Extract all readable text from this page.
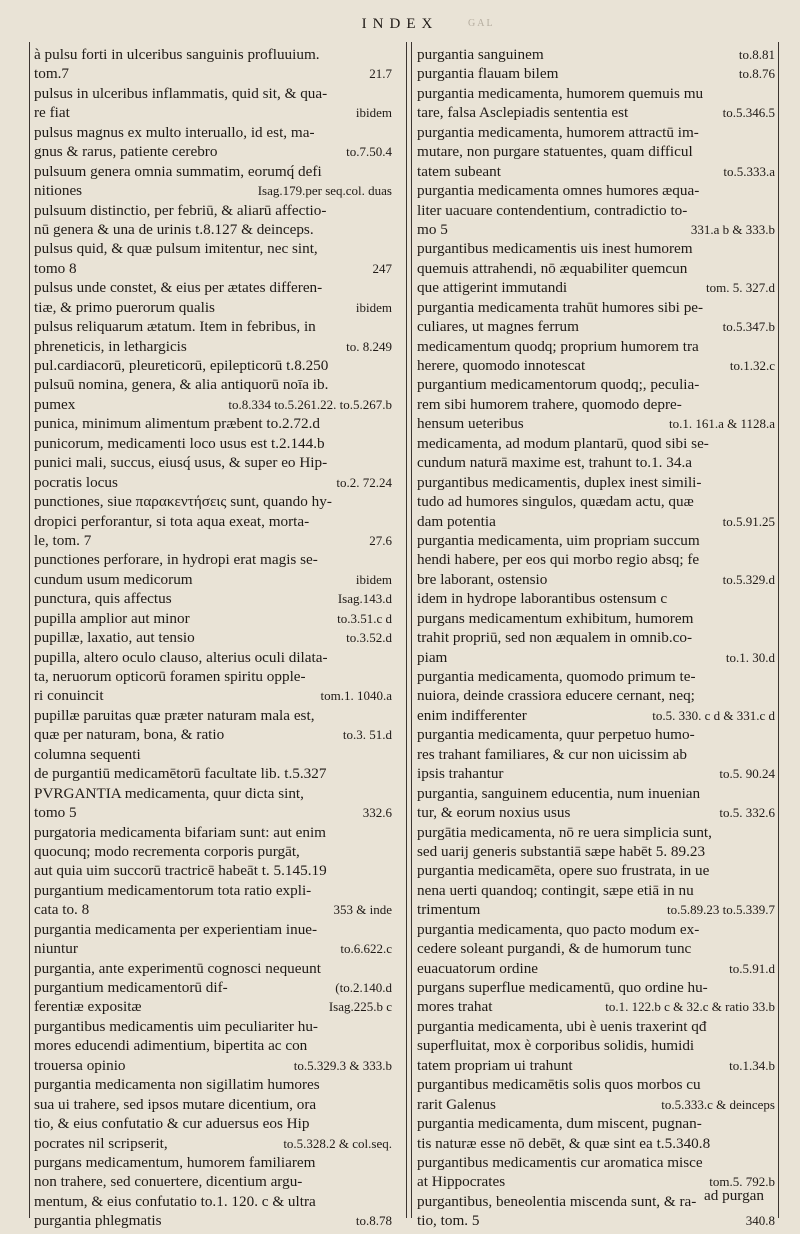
GAL
INDEX
à pulsu forti in ulceribus sanguinis profluuium.
tom.7	21.7
pulsus in ulceribus inflammatis, quid sit, & qua-
re fiat	ibidem
pulsus magnus ex multo interuallo, id est, ma-
gnus & rarus, patiente cerebro	to.7.50.4
pulsuum genera omnia summatim, eorumq́ defi
nitiones	Isag.179.per seq.col. duas
pulsuum distinctio, per febriū, & aliarū affectio-
nū genera & una de urinis t.8.127 & deinceps.
pulsus quid, & quæ pulsum imitentur, nec sint,
tomo 8	247
pulsus unde constet, & eius per ætates differen-
tiæ, & primo puerorum qualis	ibidem
pulsus reliquarum ætatum. Item in febribus, in
phreneticis, in lethargicis	to. 8.249
pul.cardiacorū, pleureticorū, epilepticorū t.8.250
pulsuū nomina, genera, & alia antiquorū noīa ib.
pumex	to.8.334 to.5.261.22. to.5.267.b
punica, minimum alimentum præbent to.2.72.d
punicorum, medicamenti loco usus est t.2.144.b
punici mali, succus, eiusq́ usus, & super eo Hip-
pocratis locus	to.2. 72.24
punctiones, siue παρακεντήσεις sunt, quando hy-
dropici perforantur, si tota aqua exeat, morta-
le, tom. 7	27.6
punctiones perforare, in hydropi erat magis se-
cundum usum medicorum	ibidem
punctura, quis affectus	Isag.143.d
pupilla amplior aut minor	to.3.51.c d
pupillæ, laxatio, aut tensio	to.3.52.d
pupilla, altero oculo clauso, alterius oculi dilata-
ta, neruorum opticorū foramen spiritu opple-
ri conuincit	tom.1. 1040.a
pupillæ paruitas quæ præter naturam mala est,
quæ per naturam, bona, & ratio	to.3. 51.d
columna sequenti
de purgantiū medicamētorū facultate lib. t.5.327
PVRGANTIA medicamenta, quur dicta sint,
tomo 5	332.6
purgatoria medicamenta bifariam sunt: aut enim
quocunq; modo recrementa corporis purgāt,
aut quia uim succorū tractricē habeāt t. 5.145.19
purgantium medicamentorum tota ratio expli-
cata to. 8	353 & inde
purgantia medicamenta per experientiam inue-
niuntur	to.6.622.c
purgantia, ante experimentū cognosci nequeunt
purgantium medicamentorū dif-	(to.2.140.d
ferentiæ expositæ	Isag.225.b c
purgantibus medicamentis uim peculiariter hu-
mores educendi adimentium, bipertita ac con
trouersa opinio	to.5.329.3 & 333.b
purgantia medicamenta non sigillatim humores
sua ui trahere, sed ipsos mutare dicentium, ora
tio, & eius confutatio & cur aduersus eos Hip
pocrates nil scripserit,	to.5.328.2 & col.seq.
purgans medicamentum, humorem familiarem
non trahere, sed conuertere, dicentium argu-
mentum, & eius confutatio to.1. 120. c & ultra
purgantia phlegmatis	to.8.78
purgantia sanguinem	to.8.81
purgantia flauam bilem	to.8.76
purgantia medicamenta, humorem quemuis mu
tare, falsa Asclepiadis sententia est	to.5.346.5
purgantia medicamenta, humorem attractū im-
mutare, non purgare statuentes, quam difficul
tatem subeant	to.5.333.a
purgantia medicamenta omnes humores æqua-
liter uacuare contendentium, contradictio to-
mo 5	331.a b & 333.b
purgantibus medicamentis uis inest humorem
quemuis attrahendi, nō æquabiliter quemcun
que attigerint immutandi	tom. 5. 327.d
purgantia medicamenta trahūt humores sibi pe-
culiares, ut magnes ferrum	to.5.347.b
medicamentum quodq; proprium humorem tra
herere, quomodo innotescat	to.1.32.c
purgantium medicamentorum quodq;, peculia-
rem sibi humorem trahere, quomodo depre-
hensum ueteribus	to.1. 161.a & 1128.a
medicamenta, ad modum plantarū, quod sibi se-
cundum naturā maxime est, trahunt to.1. 34.a
purgantibus medicamentis, duplex inest simili-
tudo ad humores singulos, quædam actu, quæ
dam potentia	to.5.91.25
purgantia medicamenta, uim propriam succum
hendi habere, per eos qui morbo regio absq; fe
bre laborant, ostensio	to.5.329.d
idem in hydrope laborantibus ostensum c
purgans medicamentum exhibitum, humorem
trahit propriū, sed non æqualem in omnib.co-
piam	to.1. 30.d
purgantia medicamenta, quomodo primum te-
nuiora, deinde crassiora educere cernant, neq;
enim indifferenter	to.5. 330. c d & 331.c d
purgantia medicamenta, quur perpetuo humo-
res trahant familiares, & cur non uicissim ab
ipsis trahantur	to.5. 90.24
purgantia, sanguinem educentia, num inuenian
tur, & eorum noxius usus	to.5. 332.6
purgātia medicamenta, nō re uera simplicia sunt,
sed uarij generis substantiā sæpe habēt 5. 89.23
purgantia medicamēta, opere suo frustrata, in ue
nena uerti quandoq; contingit, sæpe etiā in nu
trimentum	to.5.89.23 to.5.339.7
purgantia medicamenta, quo pacto modum ex-
cedere soleant purgandi, & de humorum tunc
euacuatorum ordine	to.5.91.d
purgans superflue medicamentū, quo ordine hu-
mores trahat	to.1. 122.b c & 32.c & ratio 33.b
purgantia medicamenta, ubi è uenis traxerint qđ
superfluitat, mox è corporibus solidis, humidi
tatem propriam ui trahunt	to.1.34.b
purgantibus medicamētis solis quos morbos cu
rarit Galenus	to.5.333.c & deinceps
purgantia medicamenta, dum miscent, pugnan-
tis naturæ esse nō debēt, & quæ sint ea t.5.340.8
purgantibus medicamentis cur aromatica misce
at Hippocrates	tom.5. 792.b
purgantibus, beneolentia miscenda sunt, & ra-
tio, tom. 5	340.8
ad purgan
